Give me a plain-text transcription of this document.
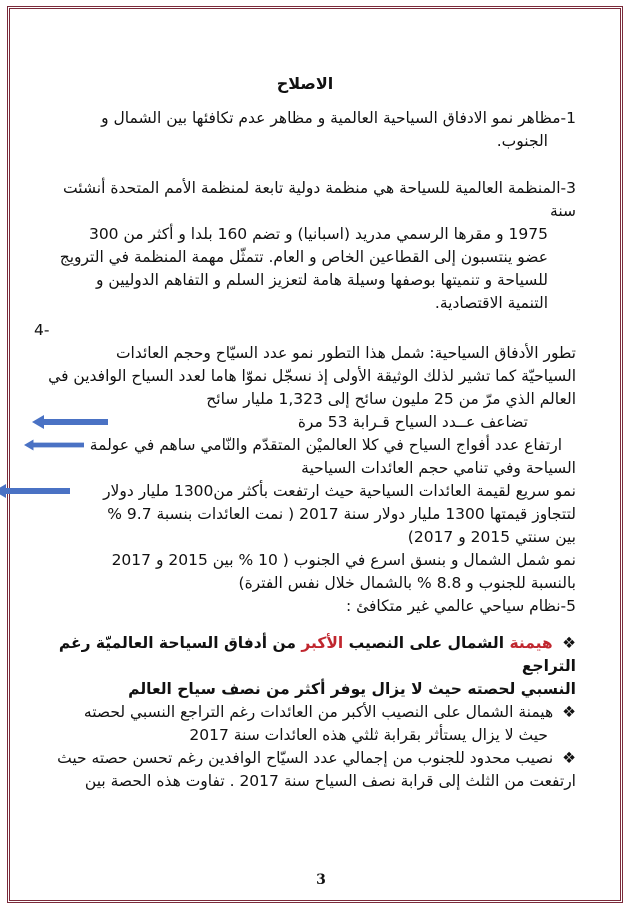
الاصلاح
1-مظاهر نمو الادفاق السياحية العالمية و مظاهر عدم تكافئها بين الشمال و
الجنوب.
3-المنظمة العالمية للسياحة هي منظمة دولية تابعة لمنظمة الأمم المتحدة أنشئت سنة
1975 و مقرها الرسمي مدريد (اسبانيا) و تضم 160 بلدا و أكثر من 300
عضو ينتسبون إلى القطاعين الخاص و العام. تتمثّل مهمة المنظمة في الترويج
للسياحة و تنميتها بوصفها وسيلة هامة لتعزيز السلم و التفاهم الدوليين و
التنمية الاقتصادية.
-4
تطور الأدفاق السياحية: شمل هذا التطور نمو عدد السيّاح وحجم العائدات
السياحيّة كما تشير لذلك الوثيقة الأولى إذ نسجّل نموّا هاما لعدد السياح الوافدين في
العالم الذي مرّ من 25 مليون سائح إلى 1,323 مليار سائح
تضاعف عــدد السياح قـرابة 53 مرة
ارتفاع عدد أفواج السياح في كلا العالميْن المتقدّم والنّامي ساهم في عولمة
السياحة وفي تنامي حجم العائدات السياحية
نمو سريع لقيمة العائدات السياحية حيث ارتفعت بأكثر من1300 مليار دولار
لتتجاوز قيمتها 1300 مليار دولار سنة 2017 ( نمت العائدات بنسبة 9.7 %
بين سنتي 2015 و 2017)
نمو شمل الشمال و بنسق اسرع في الجنوب ( 10 % بين 2015 و 2017
بالنسبة للجنوب و 8.8 % بالشمال خلال نفس الفترة)
5-نظام سياحي عالمي غير متكافئ :
❖ هيمنة الشمال على النصيب الأكبر من أدفاق السياحة العالميّة رغم التراجع
النسبي لحصته حيث لا يزال يوفر أكثر من نصف سياح العالم
❖ هيمنة الشمال على النصيب الأكبر من العائدات رغم التراجع النسبي لحصته
حيث لا يزال يستأثر بقرابة ثلثي هذه العائدات سنة 2017
❖ نصيب محدود للجنوب من إجمالي عدد السيّاح الوافدين رغم تحسن حصته حيث
ارتفعت من الثلث إلى قرابة نصف السياح سنة 2017 . تفاوت هذه الحصة بين
3
